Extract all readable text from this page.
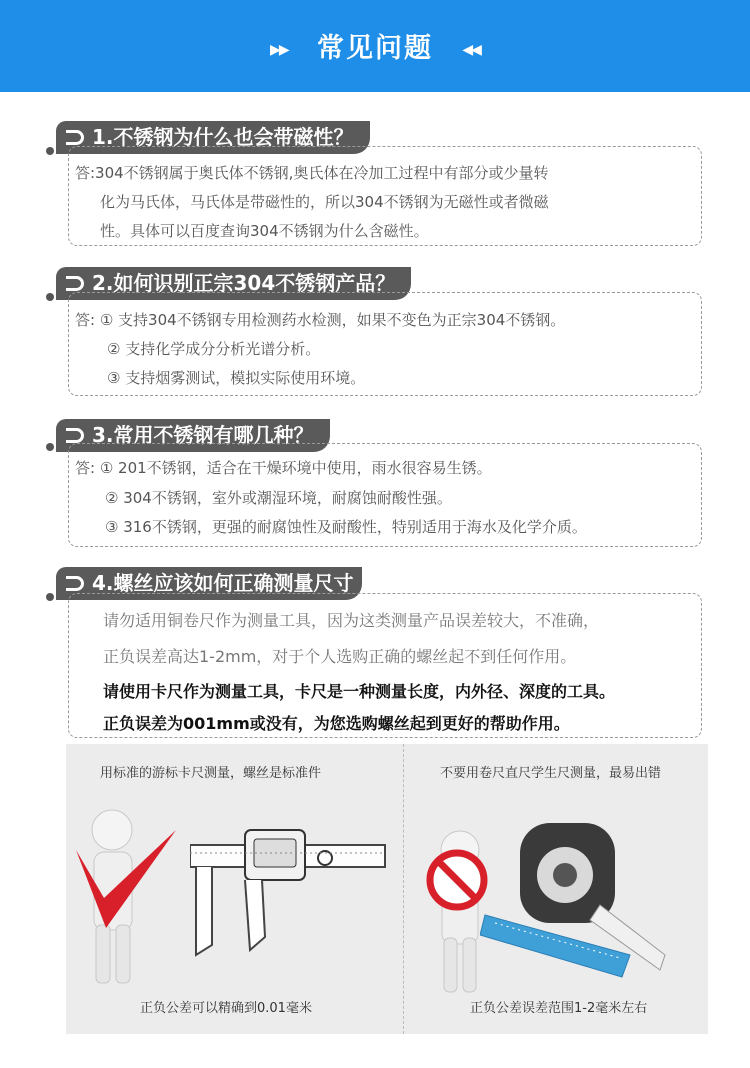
▶▶ 常见问题 ◀◀
1.不锈钢为什么也会带磁性？
答:304不锈钢属于奥氏体不锈钢,奥氏体在冷加工过程中有部分或少量转
化为马氏体，马氏体是带磁性的，所以304不锈钢为无磁性或者微磁
性。具体可以百度查询304不锈钢为什么含磁性。
2.如何识别正宗304不锈钢产品？
答: ① 支持304不锈钢专用检测药水检测，如果不变色为正宗304不锈钢。
② 支持化学成分分析光谱分析。
③ 支持烟雾测试，模拟实际使用环境。
3.常用不锈钢有哪几种？
答: ① 201不锈钢，适合在干燥环境中使用，雨水很容易生锈。
② 304不锈钢，室外或潮湿环境，耐腐蚀耐酸性强。
③ 316不锈钢，更强的耐腐蚀性及耐酸性，特别适用于海水及化学介质。
4.螺丝应该如何正确测量尺寸
请勿适用铜卷尺作为测量工具，因为这类测量产品误差较大，不准确，
正负误差高达1-2mm，对于个人选购正确的螺丝起不到任何作用。
请使用卡尺作为测量工具，卡尺是一种测量长度，内外径、深度的工具。
正负误差为001mm或没有，为您选购螺丝起到更好的帮助作用。
用标准的游标卡尺测量，螺丝是标准件	不要用卷尺直尺学生尺测量，最易出错
正负公差可以精确到0.01毫米	正负公差误差范围1-2毫米左右
